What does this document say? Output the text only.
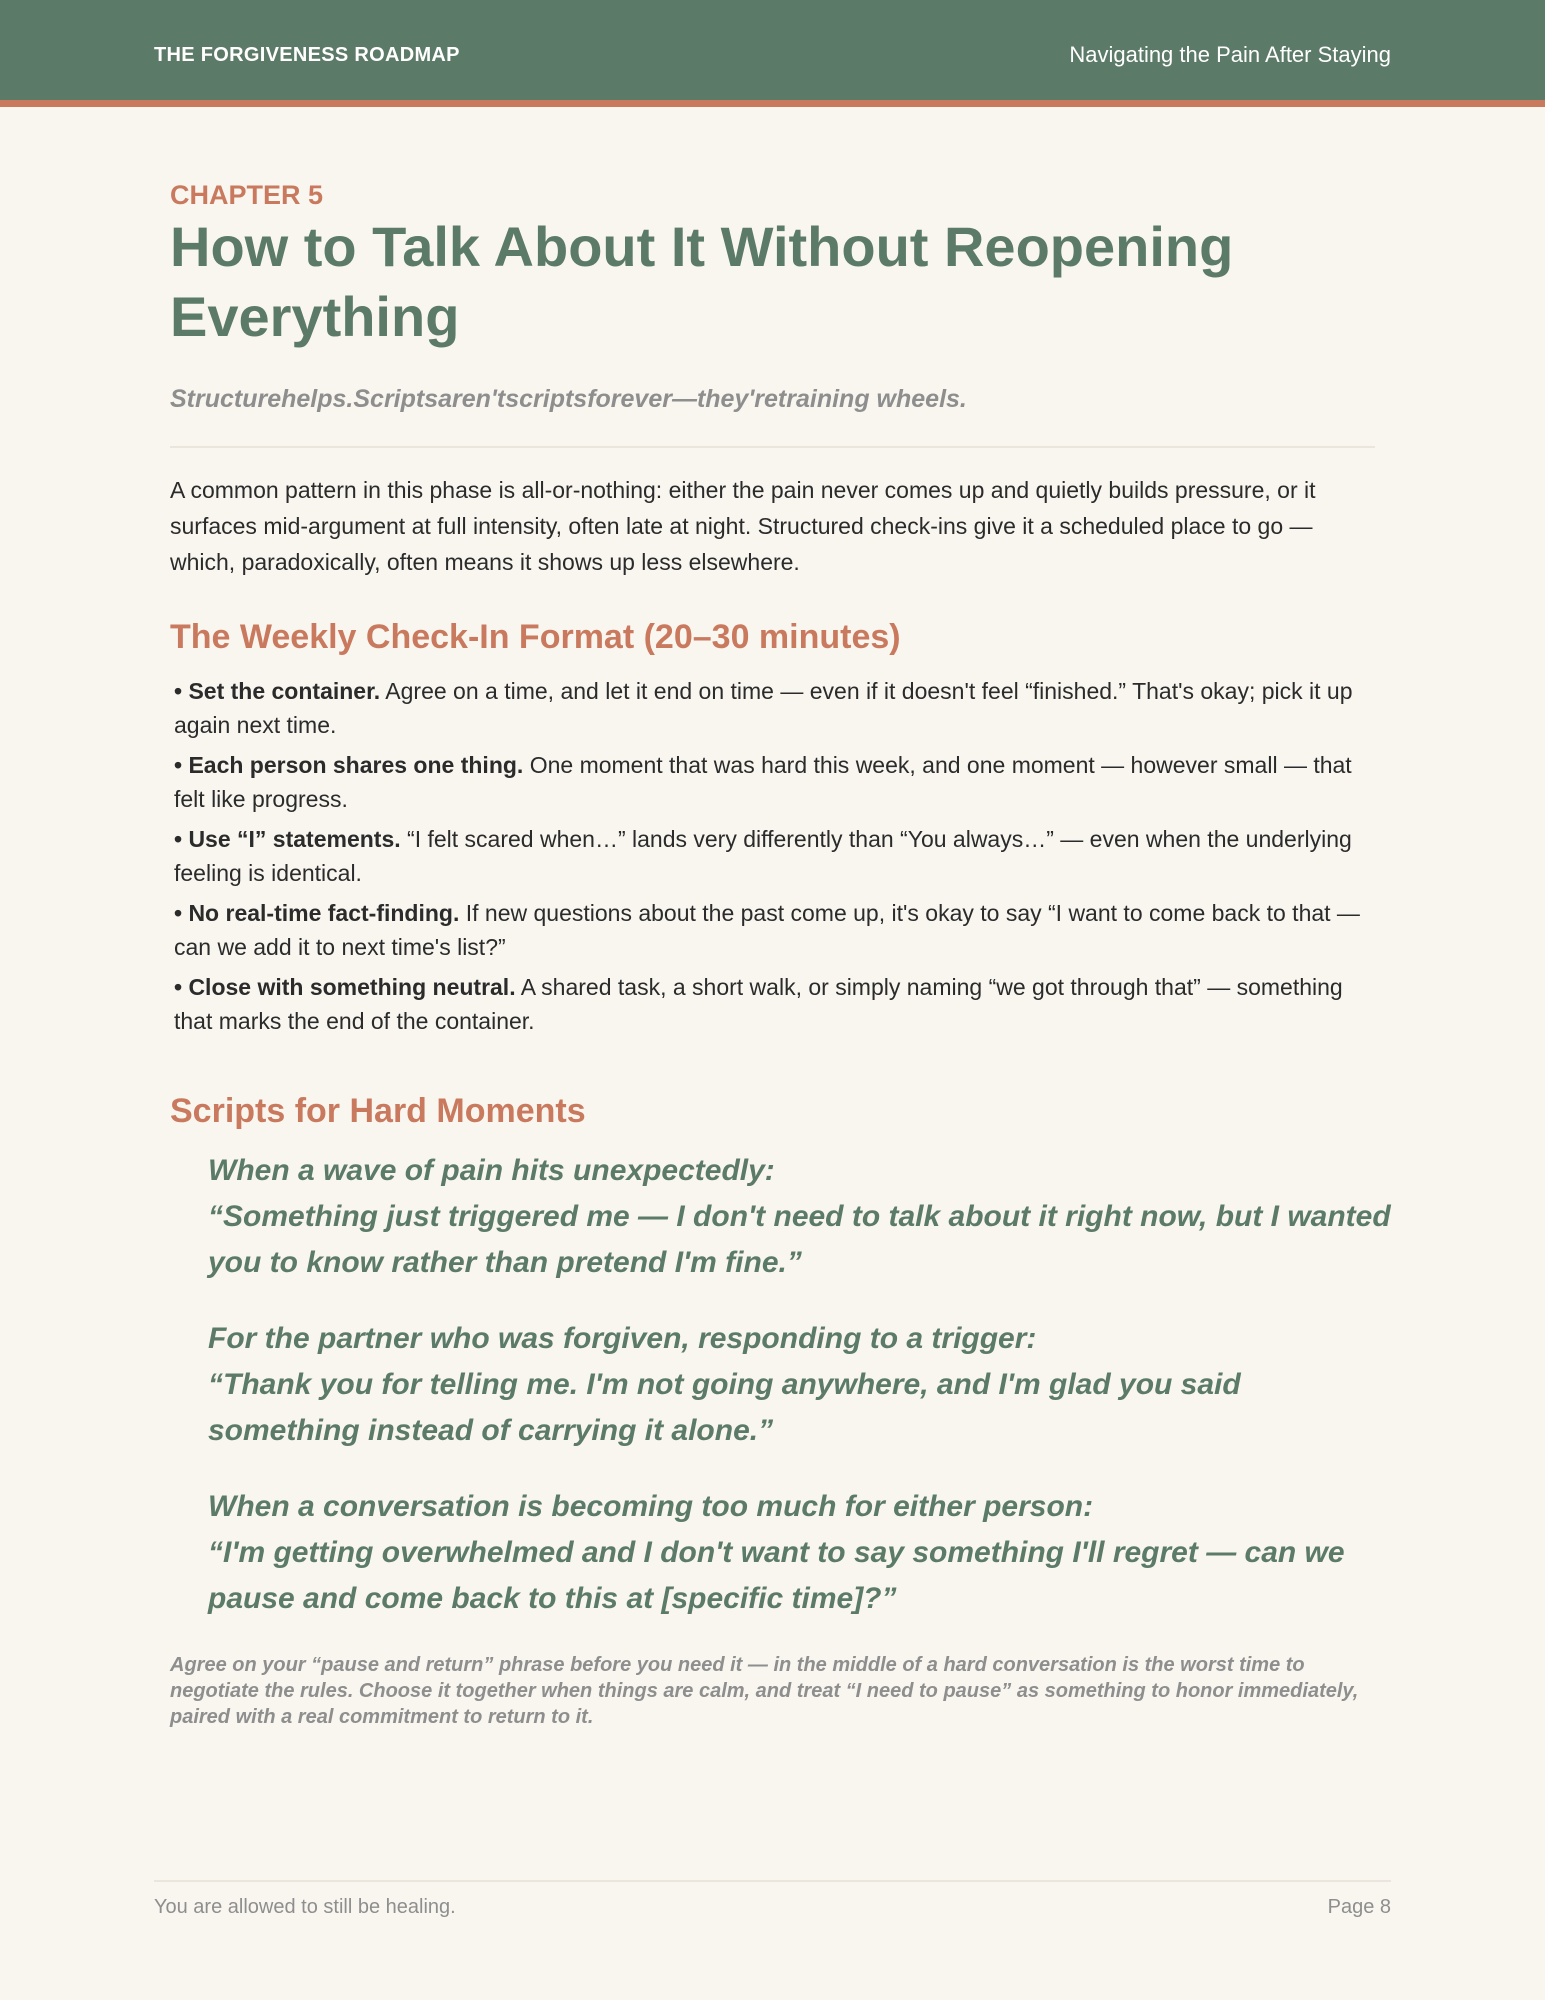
THE FORGIVENESS ROADMAP	Navigating the Pain After Staying
CHAPTER 5
How to Talk About It Without Reopening Everything
Structurehelps.Scriptsaren'tscriptsforever—they'retraining wheels.

A common pattern in this phase is all-or-nothing: either the pain never comes up and quietly builds pressure, or it surfaces mid-argument at full intensity, often late at night. Structured check-ins give it a scheduled place to go — which, paradoxically, often means it shows up less elsewhere.

The Weekly Check-In Format (20–30 minutes)
• Set the container. Agree on a time, and let it end on time — even if it doesn't feel “finished.” That's okay; pick it up again next time.
• Each person shares one thing. One moment that was hard this week, and one moment — however small — that felt like progress.
• Use “I” statements. “I felt scared when…” lands very differently than “You always…” — even when the underlying feeling is identical.
• No real-time fact-finding. If new questions about the past come up, it's okay to say “I want to come back to that — can we add it to next time's list?”
• Close with something neutral. A shared task, a short walk, or simply naming “we got through that” — something that marks the end of the container.
Scripts for Hard Moments
When a wave of pain hits unexpectedly:
“Something just triggered me — I don't need to talk about it right now, but I wanted you to know rather than pretend I'm fine.”
For the partner who was forgiven, responding to a trigger:
“Thank you for telling me. I'm not going anywhere, and I'm glad you said something instead of carrying it alone.”
When a conversation is becoming too much for either person:
“I'm getting overwhelmed and I don't want to say something I'll regret — can we pause and come back to this at [specific time]?”
Agree on your “pause and return” phrase before you need it — in the middle of a hard conversation is the worst time to negotiate the rules. Choose it together when things are calm, and treat “I need to pause” as something to honor immediately, paired with a real commitment to return to it.
You are allowed to still be healing.	Page 8
